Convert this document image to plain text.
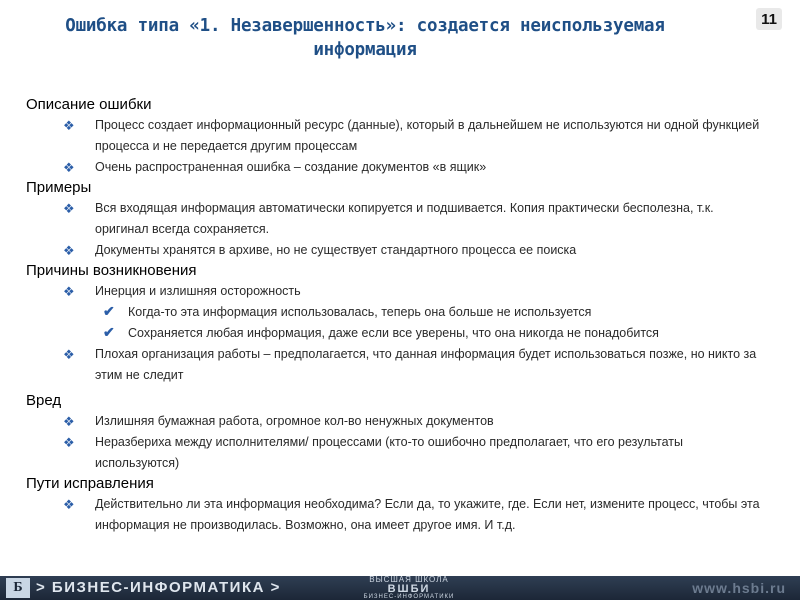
Ошибка типа «1. Незавершенность»: создается неиспользуемая информация
11
Описание ошибки
❖ Процесс создает информационный ресурс (данные), который в дальнейшем не используются ни одной функцией процесса и не передается другим процессам
❖ Очень распространенная ошибка – создание документов «в ящик»
Примеры
❖ Вся входящая информация автоматически копируется и подшивается. Копия практически бесполезна, т.к. оригинал всегда сохраняется.
❖ Документы хранятся в архиве, но не существует стандартного процесса ее поиска
Причины возникновения
❖ Инерция и излишняя осторожность
✔ Когда-то эта информация использовалась, теперь она больше не используется
✔ Сохраняется любая информация, даже если все уверены, что она никогда не понадобится
❖ Плохая организация работы – предполагается, что данная информация будет использоваться позже, но никто за этим не следит
Вред
❖ Излишняя бумажная работа, огромное кол-во ненужных документов
❖ Неразбериха между исполнителями/ процессами (кто-то ошибочно предполагает, что его результаты используются)
Пути исправления
❖ Действительно ли эта информация необходима? Если да, то укажите, где. Если нет, измените процесс, чтобы эта информация не производилась. Возможно, она имеет другое имя. И т.д.
Б > БИЗНЕС-ИНФОРМАТИКА >	ВЫСШАЯ ШКОЛА
ВШБИ
БИЗНЕС-ИНФОРМАТИКИ
www.hsbi.ru
